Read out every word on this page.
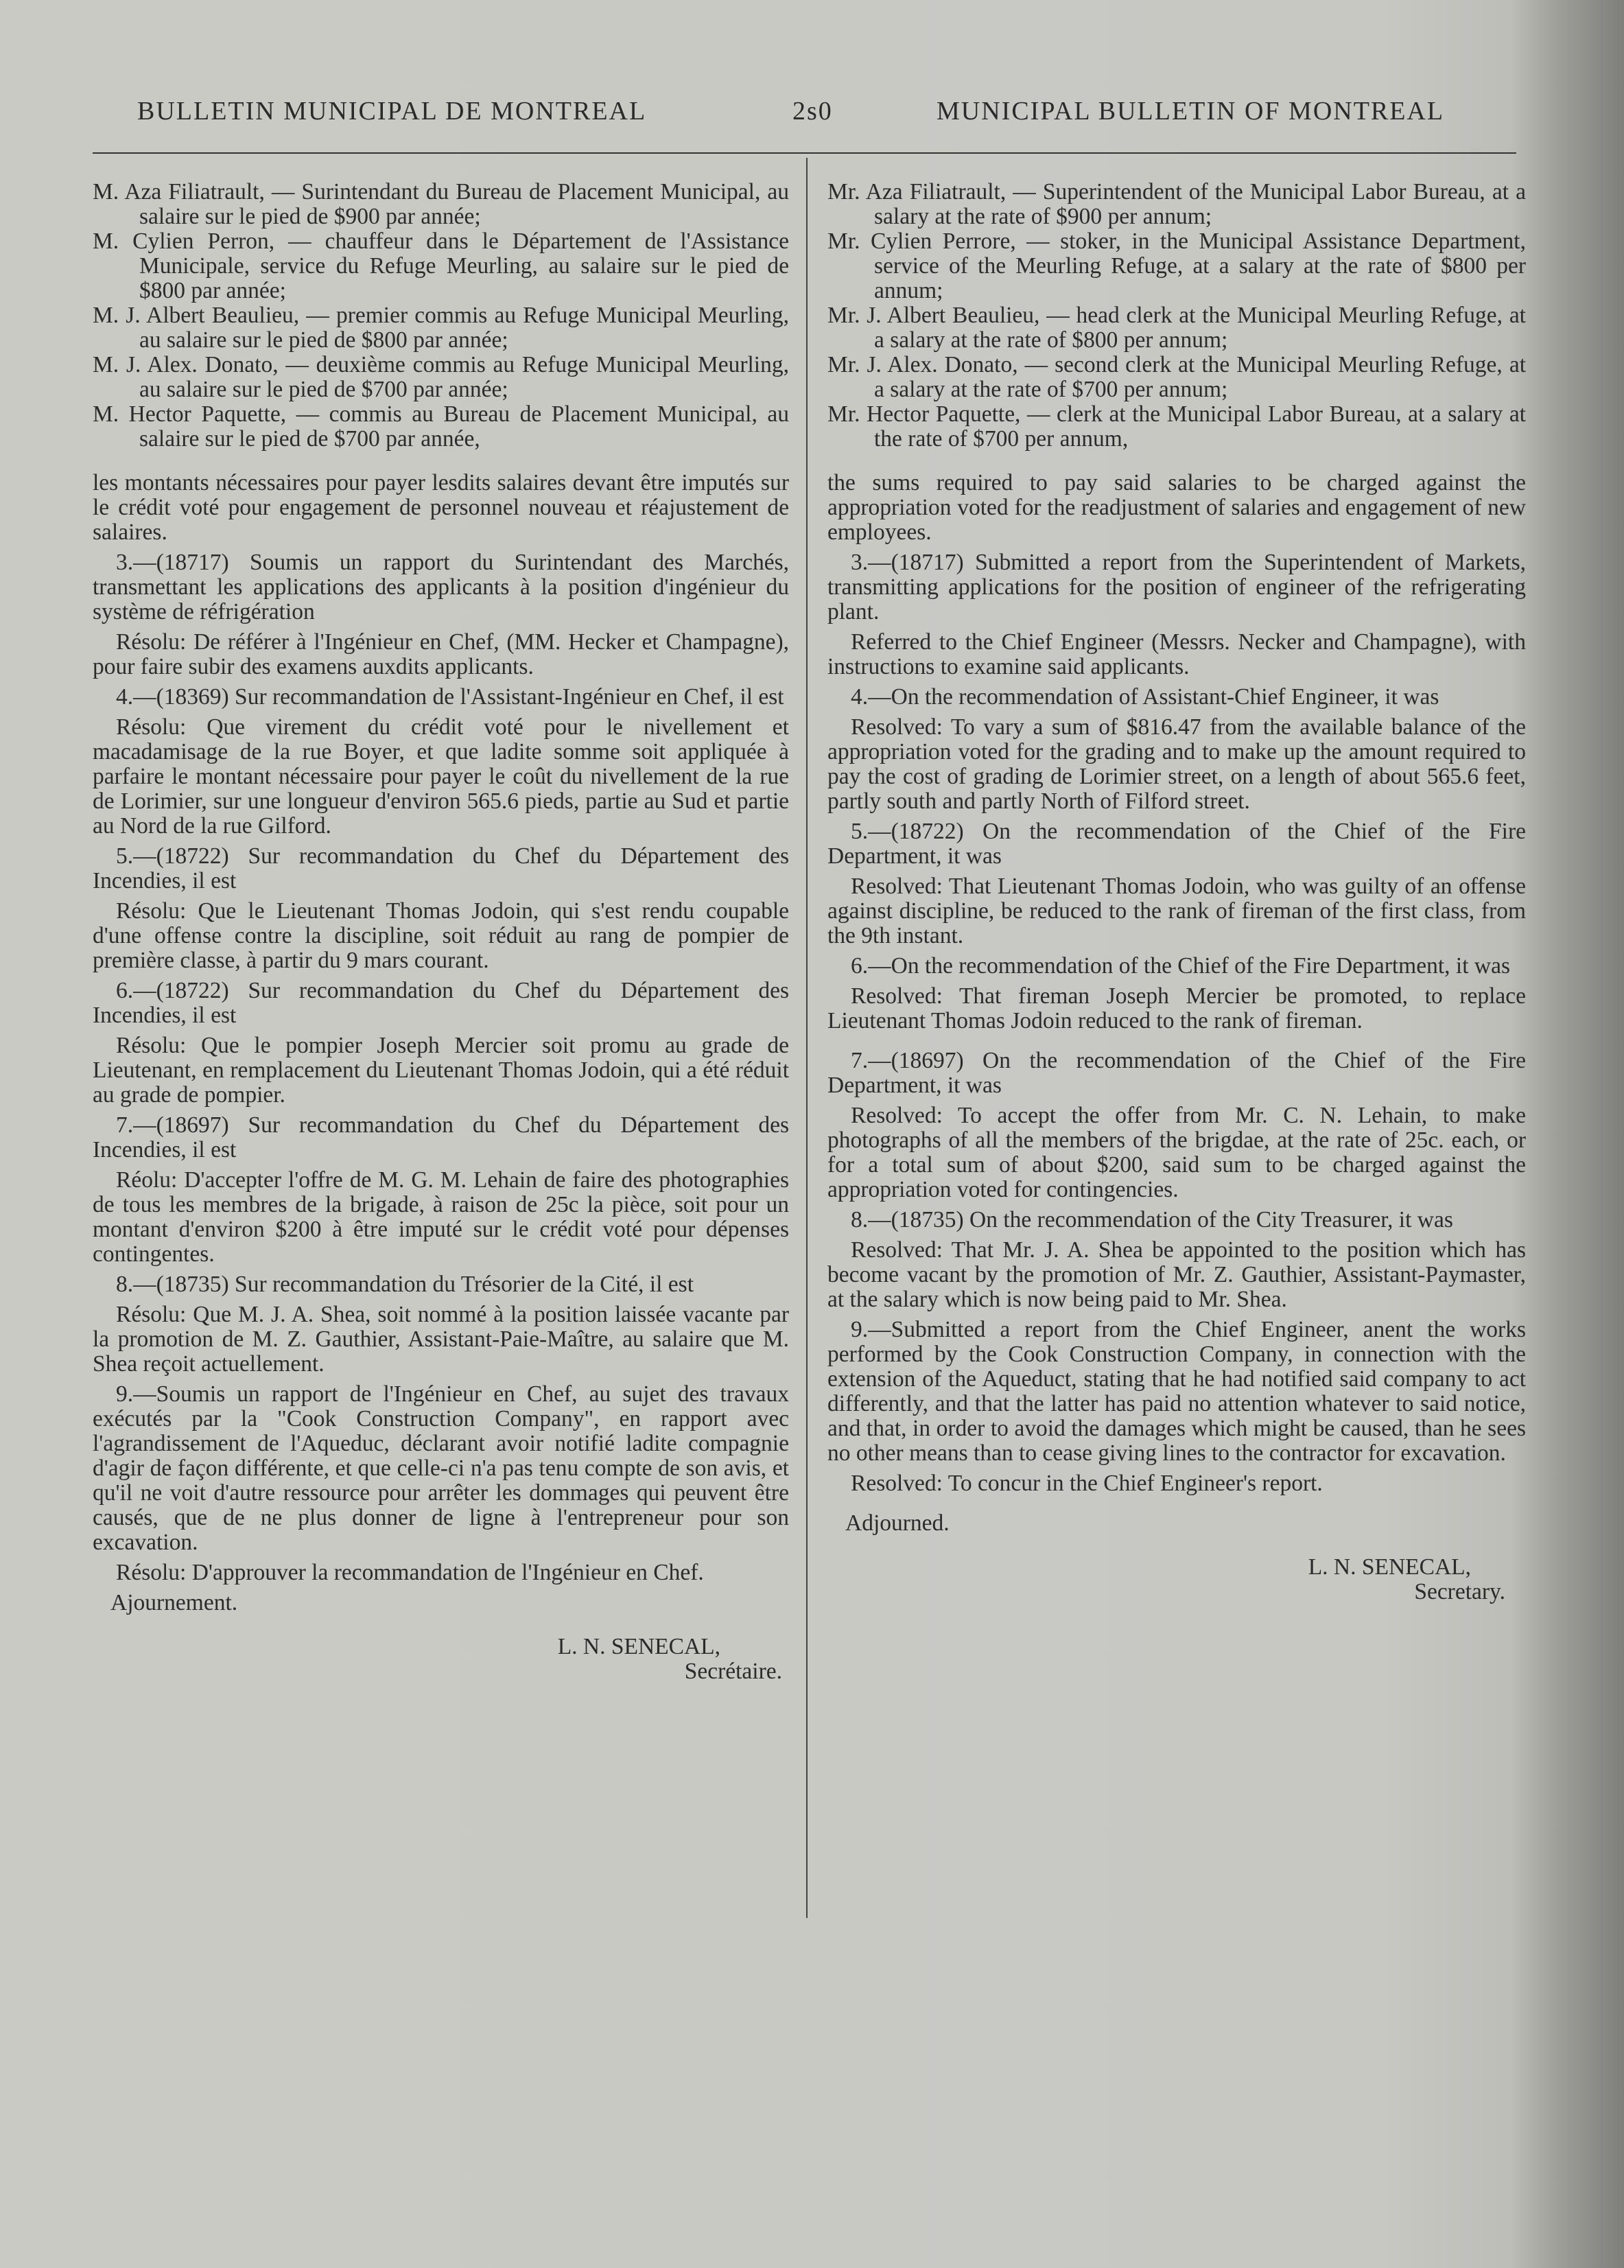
BULLETIN MUNICIPAL DE MONTREAL	2s0	MUNICIPAL BULLETIN OF MONTREAL

M. Aza Filiatrault, — Surintendant du Bureau de Placement Municipal, au salaire sur le pied de $900 par année;

M. Cylien Perron, — chauffeur dans le Département de l'Assistance Municipale, service du Refuge Meurling, au salaire sur le pied de $800 par année;

M. J. Albert Beaulieu, — premier commis au Refuge Municipal Meurling, au salaire sur le pied de $800 par année;

M. J. Alex. Donato, — deuxième commis au Refuge Municipal Meurling, au salaire sur le pied de $700 par année;

M. Hector Paquette, — commis au Bureau de Placement Municipal, au salaire sur le pied de $700 par année,

les montants nécessaires pour payer lesdits salaires devant être imputés sur le crédit voté pour engagement de personnel nouveau et réajustement de salaires.

3.—(18717) Soumis un rapport du Surintendant des Marchés, transmettant les applications des applicants à la position d'ingénieur du système de réfrigération

Résolu: De référer à l'Ingénieur en Chef, (MM. Hecker et Champagne), pour faire subir des examens auxdits applicants.

4.—(18369) Sur recommandation de l'Assistant-Ingénieur en Chef, il est

Résolu: Que virement du crédit voté pour le nivellement et macadamisage de la rue Boyer, et que ladite somme soit appliquée à parfaire le montant nécessaire pour payer le coût du nivellement de la rue de Lorimier, sur une longueur d'environ 565.6 pieds, partie au Sud et partie au Nord de la rue Gilford.

5.—(18722) Sur recommandation du Chef du Département des Incendies, il est

Résolu: Que le Lieutenant Thomas Jodoin, qui s'est rendu coupable d'une offense contre la discipline, soit réduit au rang de pompier de première classe, à partir du 9 mars courant.

6.—(18722) Sur recommandation du Chef du Département des Incendies, il est

Résolu: Que le pompier Joseph Mercier soit promu au grade de Lieutenant, en remplacement du Lieutenant Thomas Jodoin, qui a été réduit au grade de pompier.

7.—(18697) Sur recommandation du Chef du Département des Incendies, il est

Réolu: D'accepter l'offre de M. G. M. Lehain de faire des photographies de tous les membres de la brigade, à raison de 25c la pièce, soit pour un montant d'environ $200 à être imputé sur le crédit voté pour dépenses contingentes.

8.—(18735) Sur recommandation du Trésorier de la Cité, il est

Résolu: Que M. J. A. Shea, soit nommé à la position laissée vacante par la promotion de M. Z. Gauthier, Assistant-Paie-Maître, au salaire que M. Shea reçoit actuellement.

9.—Soumis un rapport de l'Ingénieur en Chef, au sujet des travaux exécutés par la "Cook Construction Company", en rapport avec l'agrandissement de l'Aqueduc, déclarant avoir notifié ladite compagnie d'agir de façon différente, et que celle-ci n'a pas tenu compte de son avis, et qu'il ne voit d'autre ressource pour arrêter les dommages qui peuvent être causés, que de ne plus donner de ligne à l'entrepreneur pour son excavation.

Résolu: D'approuver la recommandation de l'Ingénieur en Chef.

Ajournement.

L. N. SENECAL,
Secrétaire.

Mr. Aza Filiatrault, — Superintendent of the Municipal Labor Bureau, at a salary at the rate of $900 per annum;

Mr. Cylien Perrore, — stoker, in the Municipal Assistance Department, service of the Meurling Refuge, at a salary at the rate of $800 per annum;

Mr. J. Albert Beaulieu, — head clerk at the Municipal Meurling Refuge, at a salary at the rate of $800 per annum;

Mr. J. Alex. Donato, — second clerk at the Municipal Meurling Refuge, at a salary at the rate of $700 per annum;

Mr. Hector Paquette, — clerk at the Municipal Labor Bureau, at a salary at the rate of $700 per annum,

the sums required to pay said salaries to be charged against the appropriation voted for the readjustment of salaries and engagement of new employees.

3.—(18717) Submitted a report from the Superintendent of Markets, transmitting applications for the position of engineer of the refrigerating plant.

Referred to the Chief Engineer (Messrs. Necker and Champagne), with instructions to examine said applicants.

4.—On the recommendation of Assistant-Chief Engineer, it was

Resolved: To vary a sum of $816.47 from the available balance of the appropriation voted for the grading and to make up the amount required to pay the cost of grading de Lorimier street, on a length of about 565.6 feet, partly south and partly North of Filford street.

5.—(18722) On the recommendation of the Chief of the Fire Department, it was

Resolved: That Lieutenant Thomas Jodoin, who was guilty of an offense against discipline, be reduced to the rank of fireman of the first class, from the 9th instant.

6.—On the recommendation of the Chief of the Fire Department, it was

Resolved: That fireman Joseph Mercier be promoted, to replace Lieutenant Thomas Jodoin reduced to the rank of fireman.

7.—(18697) On the recommendation of the Chief of the Fire Department, it was

Resolved: To accept the offer from Mr. C. N. Lehain, to make photographs of all the members of the brigdae, at the rate of 25c. each, or for a total sum of about $200, said sum to be charged against the appropriation voted for contingencies.

8.—(18735) On the recommendation of the City Treasurer, it was

Resolved: That Mr. J. A. Shea be appointed to the position which has become vacant by the promotion of Mr. Z. Gauthier, Assistant-Paymaster, at the salary which is now being paid to Mr. Shea.

9.—Submitted a report from the Chief Engineer, anent the works performed by the Cook Construction Company, in connection with the extension of the Aqueduct, stating that he had notified said company to act differently, and that the latter has paid no attention whatever to said notice, and that, in order to avoid the damages which might be caused, than he sees no other means than to cease giving lines to the contractor for excavation.

Resolved: To concur in the Chief Engineer's report.

Adjourned.

L. N. SENECAL,
Secretary.
